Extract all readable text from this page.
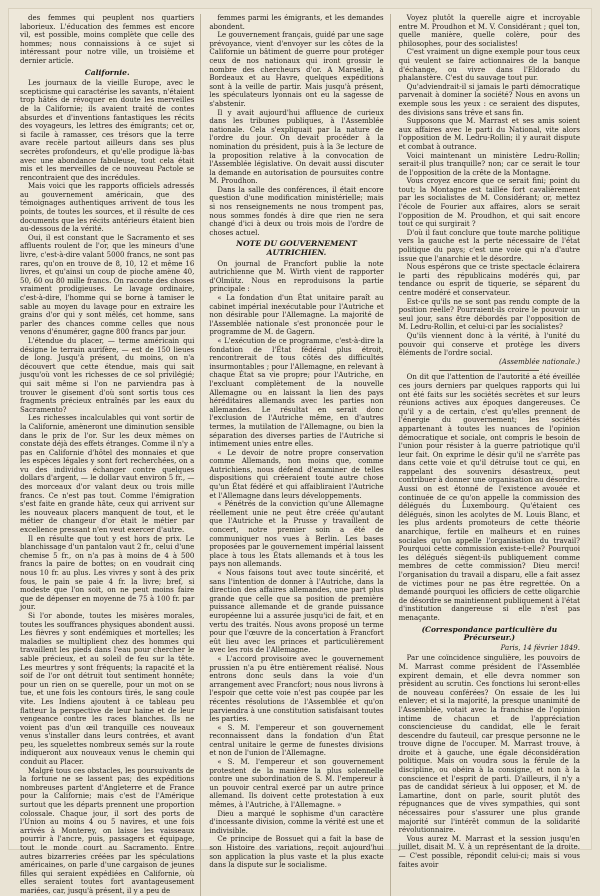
des femmes qui peuplent nos quartiers laborieux. L'éducation des femmes est encore vil, est possible, moins complète que celle des hommes; nous connaissions à ce sujet si intéressant pour notre ville, un troisième et dernier article.

Californie.

Les journaux de la vieille Europe, avec le scepticisme qui caractérise les savants, n'étaient trop hâtés de révoquer en doute les merveilles de la Californie; ils avaient traité de contes absurdes et d'inventions fantastiques les récits des voyageurs, les lettres des émigrants; cet or, si facile à ramasser, ces trésors que la terre avare recèle partout ailleurs dans ses plus secrètes profondeurs, et qu'elle prodigue là-bas avec une abondance fabuleuse, tout cela était mis et les merveilles de ce nouveau Pactole se rencontraient que des incrédules.

Mais voici que les rapports officiels adressés au gouvernement américain, que des témoignages authentiques arrivent de tous les points, de toutes les sources, et il résulte de ces documents que les récits antérieurs étaient bien au-dessous de la vérité.

Oui, il est constant que le Sacramento et ses affluents roulent de l'or, que les mineurs d'une livre, c'est-à-dire valant 5000 francs, ne sont pas rares, qu'on en trouve de 8, 10, 12 et même 16 livres, et qu'ainsi un coup de pioche amène 40, 50, 60 ou 80 mille francs. On raconte des choses vraiment prodigieuses. Le lavage ordinaire, c'est-à-dire, l'homme qui se borne à tamiser le sable au moyen du lavage pour en extraire les grains d'or qui y sont mêlés, cet homme, sans parler des chances comme celles que nous venons d'énumérer, gagne 800 francs par jour.

L'étendue du placer, — terme américain qui désigne le terrain aurifère, — est de 150 lieues de long. Jusqu'à présent, du moins, on n'a découvert que cette étendue, mais qui sait jusqu'où vont les richesses de ce sol privilégié; qui sait même si l'on ne parviendra pas à trouver le gisement d'où sont sortis tous ces fragments précieux entraînés par les eaux du Sacramento?

Les richesses incalculables qui vont sortir de la Californie, amèneront une diminution sensible dans le prix de l'or. Sur les deux mèmes on constate déjà des effets étranges. Comme il n'y a pas en Californie d'hôtel des monnaies et que les espèces légales y sont fort recherchées, on a vu des individus échanger contre quelques dollars d'argent, — le dollar vaut environ 5 fr., — des morceaux d'or valant deux ou trois mille francs. Ce n'est pas tout. Comme l'émigration s'est faite en grande hâte, ceux qui arrivent sur les nouveaux placers manquent de tout, et le métier de changeur d'or était le métier par excellence pressant n'en veut exercer d'autre.

Il en résulte que tout y est hors de prix. Le blanchissage d'un pantalon vaut 2 fr., celui d'une chemise 5 fr., on n'a pas à moins de 4 à 500 francs la paire de bottes; on en voudrait cinq nous 10 fr. au plus. Les vivres y sont à des prix fous, le pain se paie 4 fr. la livre; bref, si modeste que l'on soit, on ne peut moins faire que de dépenser en moyenne de 75 à 100 fr. par jour.

Si l'or abonde, toutes les misères morales, toutes les souffrances physiques abondent aussi. Les fièvres y sont endémiques et mortelles; les maladies se multiplient chez des hommes qui travaillent les pieds dans l'eau pour chercher le sable précieux, et au soleil de feu sur la tête. Les meurtres y sont fréquents; la rapacité et la soif de l'or ont détruit tout sentiment honnête; pour un rien on se querelle, pour un mot on se tue, et une fois les contours tirés, le sang coule vite. Les Indiens ajoutent à ce tableau peu flatteur la perspective de leur haine et de leur vengeance contre les races blanches. Ils ne voient pas d'un œil tranquille ces nouveaux venus s'installer dans leurs contrées, et avant peu, les squelettes nombreux semés sur la route indiqueront aux nouveaux venus le chemin qui conduit au Placer.

Malgré tous ces obstacles, les poursuivants de la fortune ne se lassent pas; des expéditions nombreuses partent d'Angleterre et de France pour la Californie; mais c'est de l'Amérique surtout que les départs prennent une proportion colossale. Chaque jour, il sort des ports de l'Union au moins 4 ou 5 navires, et une fois arrivés à Monterey, on laisse les vaisseaux pourrir à l'ancre, puis, passagers et équipage, tout le monde court au Sacramento. Entre autres bizarreries créées par les spéculations américaines, on parle d'une cargaison de jeunes filles qui seraient expédiées en Californie, où elles seraient toutes fort avantageusement mariées, car, jusqu'à présent, il y a peu de

femmes parmi les émigrants, et les demandes abondent.

Le gouvernement français, guidé par une sage prévoyance, vient d'envoyer sur les côtes de la Californie un bâtiment de guerre pour protéger ceux de nos nationaux qui iront grossir le nombre des chercheurs d'or. A Marseille, à Bordeaux et au Havre, quelques expéditions sont à la veille de partir. Mais jusqu'à présent, les spéculateurs lyonnais ont eu la sagesse de s'abstenir.

Il y avait aujourd'hui affluence de curieux dans les tribunes publiques, à l'Assemblée nationale. Cela s'expliquait par la nature de l'ordre du jour. On devait procéder à la nomination du président, puis à la 3e lecture de la proposition relative à la convocation de l'Assemblée législative. On devait aussi discuter la demande en autorisation de poursuites contre M. Proudhon.

Dans la salle des conférences, il était encore question d'une modification ministérielle; mais si nos renseignements ne nous trompent pas, nous sommes fondés à dire que rien ne sera changé d'ici à deux ou trois mois de l'ordre de choses actuel.

NOTE DU GOUVERNEMENT AUTRICHIEN.

On journal de Francfort publie la note autrichienne que M. Wirth vient de rapporter d'Olmütz. Nous en reproduisons la partie principale :

« La fondation d'un État unitaire paraît au cabinet impérial inexécutable pour l'Autriche et non désirable pour l'Allemagne. La majorité de l'Assemblée nationale s'est prononcée pour le programme de M. de Gagern.

« L'exécution de ce programme, c'est-à-dire la fondation de l'État fédéral plus étroit, rencontrerait de tous côtés des difficultés insurmontables ; pour l'Allemagne, en relevant à chaque État sa vie propre; pour l'Autriche, en l'excluant complètement de la nouvelle Allemagne ou en laissant la lien des pays héréditaires allemands avec les parties non allemandes. Le résultat en serait donc l'exclusion de l'Autriche même, en d'autres termes, la mutilation de l'Allemagne, ou bien la séparation des diverses parties de l'Autriche si intimement unies entre elles.

« Le devoir de notre propre conservation comme Allemands, non moins que, comme Autrichiens, nous défend d'examiner de telles dispositions qui créeraient toute autre chose qu'un État fédéré et qui affaibliraient l'Autriche et l'Allemagne dans leurs développements.

« Pénétrés de la conviction qu'une Allemagne réellement unie ne peut être créée qu'autant que l'Autriche et la Prusse y travaillent de concert, notre premier soin a été de communiquer nos vues à Berlin. Les bases proposées par le gouvernement impérial laissent place à tous les États allemands et à tous les pays non allemands.

« Nous faisons tout avec toute sincérité, et sans l'intention de donner à l'Autriche, dans la direction des affaires allemandes, une part plus grande que celle que sa position de première puissance allemande et de grande puissance européenne lui a assurée jusqu'ici de fait, et en vertu des traités. Nous avons proposé un terme pour que l'œuvre de la concertation à Francfort eût lieu avec les princes et particulièrement avec les rois de l'Allemagne.

« L'accord provisoire avec le gouvernement prussien n'a pu être entièrement réalisé. Nous entrons donc seuls dans la voie d'un arrangement avec Francfort; nous nous livrons à l'espoir que cette voie n'est pas coupée par les récentes résolutions de l'Assemblée et qu'on parviendra à une constitution satisfaisant toutes les parties.

« S. M. l'empereur et son gouvernement reconnaissent dans la fondation d'un État central unitaire le germe de funestes divisions et non de l'union de l'Allemagne.

« S. M. l'empereur et son gouvernement protestent de la manière la plus solennelle contre une subordination de S. M. l'empereur à un pouvoir central exercé par un autre prince allemand. Ils doivent cette protestation à eux mêmes, à l'Autriche, à l'Allemagne. »

Dieu a marqué le sophisme d'un caractère d'incessante division, comme la vérité est une et indivisible.

Ce principe de Bossuet qui a fait la base de son Histoire des variations, reçoit aujourd'hui son application la plus vaste et la plus exacte dans la dispute sur le socialisme.

Voyez plutôt la querelle aigre et incroyable entre M. Proudhon et M. V. Considérant ; quel ton, quelle manière, quelle colère, pour des philosophes, pour des socialistes!

C'est vraiment un digne exemple pour tous ceux qui veulent se faire actionnaires de la banque d'échange, ou vivre dans l'Eldorado du phalanstère. C'est du sauvage tout pur.

Qu'adviendrait-il si jamais le parti démocratique parvenait à dominer la société? Nous en avons un exemple sous les yeux : ce seraient des disputes, des divisions sans trêve et sans fin.

Supposons que M. Marrast et ses amis soient aux affaires avec le parti du National, vite alors l'opposition de M. Ledru-Rollin; il y aurait dispute et combat à outrance.

Voici maintenant un ministère Ledru-Rollin; serait-il plus tranquille? non; car ce serait le tour de l'opposition de la crête de la Montagne.

Vous croyez encore que ce serait fini; point du tout; la Montagne est taillée fort cavalièrement par les socialistes de M. Considérant; or, mettez l'école de Fourier aux affaires, alors se serait l'opposition de M. Proudhon, et qui sait encore tout ce qui surgirait ?

D'où il faut conclure que toute marche politique vers la gauche est la perte nécessaire de l'état politique du pays; c'est une voie qui n'a d'autre issue que l'anarchie et le désordre.

Nous espérons que ce triste spectacle éclairera le parti des républicains modérés qui, par tendance ou esprit de tiquerie, se séparent du centre modéré et conservateur.

Est-ce qu'ils ne se sont pas rendu compte de la position réelle? Pourraient-ils croire le pouvoir un seul jour, sans être débordés par l'opposition de M. Ledru-Rollin, et celui-ci par les socialistes?

Qu'ils viennent donc à la vérité, à l'unité du pouvoir qui conserve et protège les divers éléments de l'ordre social.

(Assemblée nationale.)

On dit que l'attention de l'autorité a été éveillée ces jours derniers par quelques rapports qui lui ont été faits sur les sociétés secrètes et sur leurs réunions actives aux époques dangereuses. Ce qu'il y a de certain, c'est qu'elles prennent de l'énergie du gouvernement; les sociétés appartenant à toutes les nuances de l'opinion démocratique et sociale, ont compris le besoin de l'union pour résister à la guerre patriotique qu'il leur fait. On exprime le désir qu'il ne s'arrête pas dans cette voie et qu'il détruise tout ce qui, en rappelant des souvenirs désastreux, peut contribuer à donner une organisation au désordre. Aussi on est étonné de l'existence avouée et continuée de ce qu'on appelle la commission des délégués du Luxembourg. Qu'étaient ces délégués, sinon les acolytes de M. Louis Blanc, et les plus ardents promoteurs de cette théorie anarchique, fertile en malheurs et en ruines sociales qu'on appelle l'organisation du travail? Pourquoi cette commission existe-t-elle? Pourquoi les délégués siègent-ils publiquement comme membres de cette commission? Dieu merci! l'organisation du travail a disparu, elle a fait assez de victimes pour ne pas être regrettée. On a demandé pourquoi les officiers de cette oligarchie de désordre se maintiennent publiquement à l'état d'institution dangereuse si elle n'est pas menaçante.

(Correspondance particulière du Précurseur.)
Paris, 14 février 1849.

Par une coïncidence singulière, les pouvoirs de M. Marrast comme président de l'Assemblée expirent demain, et elle devra nommer son président au scrutin. Ces fonctions lui seront-elles de nouveau conférées? On essaie de les lui enlever; et si la majorité, la presque unanimité de l'Assemblée, votait avec la franchise de l'opinion intime de chacun et de l'appréciation consciencieuse du candidat, elle le ferait descendre du fauteuil, car presque personne ne le trouve digne de l'occuper. M. Marrast trouve, à droite et à gauche, une égale déconsidération politique. Mais on voudra sous la férule de la discipline, ou obéira à la consigne, et non à la conscience et l'esprit de parti. D'ailleurs, il n'y a pas de candidat sérieux à lui opposer, et M. de Lamartine, dont on parle, sourit plutôt des répugnances que de vives sympathies, qui sont nécessaires pour s'assurer une plus grande majorité sur l'intérêt commun de la solidarité révolutionnaire.

Vous aurez M. Marrast et la session jusqu'en juillet, disait M. V. à un représentant de la droite. — C'est possible, répondit celui-ci; mais si vous faites avoir
